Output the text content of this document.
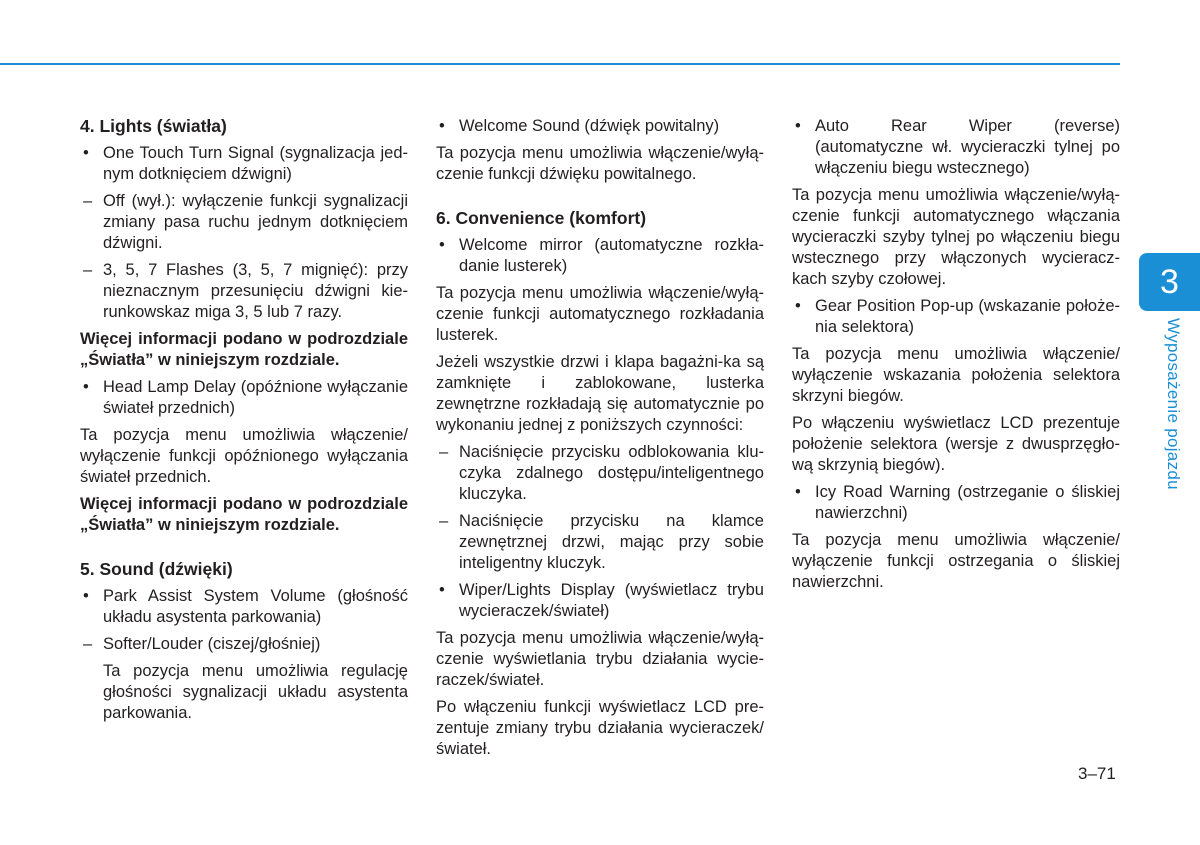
4. Lights (światła)
• One Touch Turn Signal (sygnalizacja jed-nym dotknięciem dźwigni)
– Off (wył.): wyłączenie funkcji sygnalizacji zmiany pasa ruchu jednym dotknięciem dźwigni.
– 3, 5, 7 Flashes (3, 5, 7 mignięć): przy nieznacznym przesunięciu dźwigni kie-runkowskaz miga 3, 5 lub 7 razy.
Więcej informacji podano w podrozdziale „Światła” w niniejszym rozdziale.
• Head Lamp Delay (opóźnione wyłączanie świateł przednich)
Ta pozycja menu umożliwia włączenie/ wyłączenie funkcji opóźnionego wyłączania świateł przednich.
Więcej informacji podano w podrozdziale „Światła” w niniejszym rozdziale.
5. Sound (dźwięki)
• Park Assist System Volume (głośność układu asystenta parkowania)
– Softer/Louder (ciszej/głośniej)
Ta pozycja menu umożliwia regulację głośności sygnalizacji układu asystenta parkowania.
• Welcome Sound (dźwięk powitalny)
Ta pozycja menu umożliwia włączenie/wyłą-czenie funkcji dźwięku powitalnego.
6. Convenience (komfort)
• Welcome mirror (automatyczne rozkła-danie lusterek)
Ta pozycja menu umożliwia włączenie/wyłą-czenie funkcji automatycznego rozkładania lusterek.
Jeżeli wszystkie drzwi i klapa bagażni-ka są zamknięte i zablokowane, lusterka zewnętrzne rozkładają się automatycznie po wykonaniu jednej z poniższych czynności:
– Naciśnięcie przycisku odblokowania klu-czyka zdalnego dostępu/inteligentnego kluczyka.
– Naciśnięcie przycisku na klamce zewnętrznej drzwi, mając przy sobie inteligentny kluczyk.
• Wiper/Lights Display (wyświetlacz trybu wycieraczek/świateł)
Ta pozycja menu umożliwia włączenie/wyłą-czenie wyświetlania trybu działania wycie-raczek/świateł.
Po włączeniu funkcji wyświetlacz LCD pre-zentuje zmiany trybu działania wycieraczek/ świateł.
• Auto Rear Wiper (reverse) (automatyczne wł. wycieraczki tylnej po włączeniu biegu wstecznego)
Ta pozycja menu umożliwia włączenie/wyłą-czenie funkcji automatycznego włączania wycieraczki szyby tylnej po włączeniu biegu wstecznego przy włączonych wycieracz-kach szyby czołowej.
• Gear Position Pop-up (wskazanie położe-nia selektora)
Ta pozycja menu umożliwia włączenie/ wyłączenie wskazania położenia selektora skrzyni biegów.
Po włączeniu wyświetlacz LCD prezentuje położenie selektora (wersje z dwusprzęgło-wą skrzynią biegów).
• Icy Road Warning (ostrzeganie o śliskiej nawierzchni)
Ta pozycja menu umożliwia włączenie/ wyłączenie funkcji ostrzegania o śliskiej nawierzchni.
3
Wyposażenie pojazdu
3–71
